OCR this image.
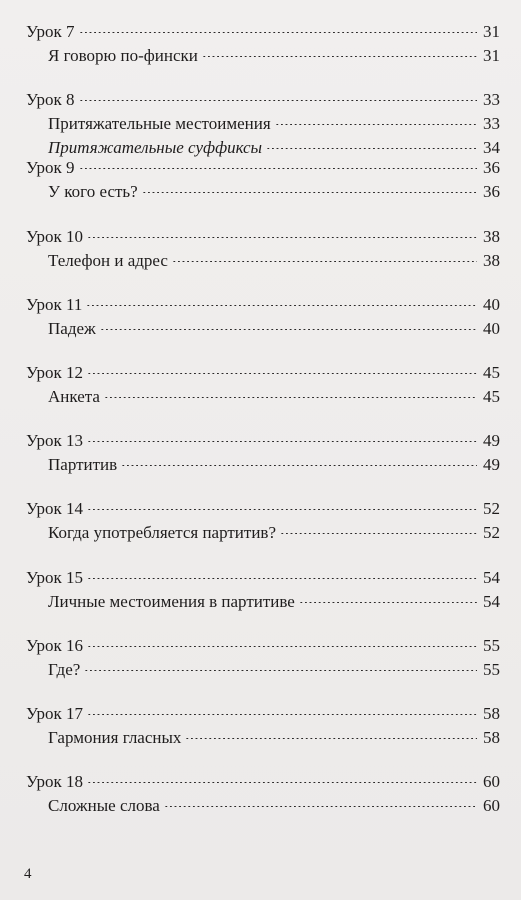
Урок 7	31
Я говорю по-фински	31
Урок 8	33
Притяжательные местоимения	33
Притяжательные суффиксы	34
Урок 9	36
У кого есть?	36
Урок 10	38
Телефон и адрес	38
Урок 11	40
Падеж	40
Урок 12	45
Анкета	45
Урок 13	49
Партитив	49
Урок 14	52
Когда употребляется партитив?	52
Урок 15	54
Личные местоимения в партитиве	54
Урок 16	55
Где?	55
Урок 17	58
Гармония гласных	58
Урок 18	60
Сложные слова	60
4
